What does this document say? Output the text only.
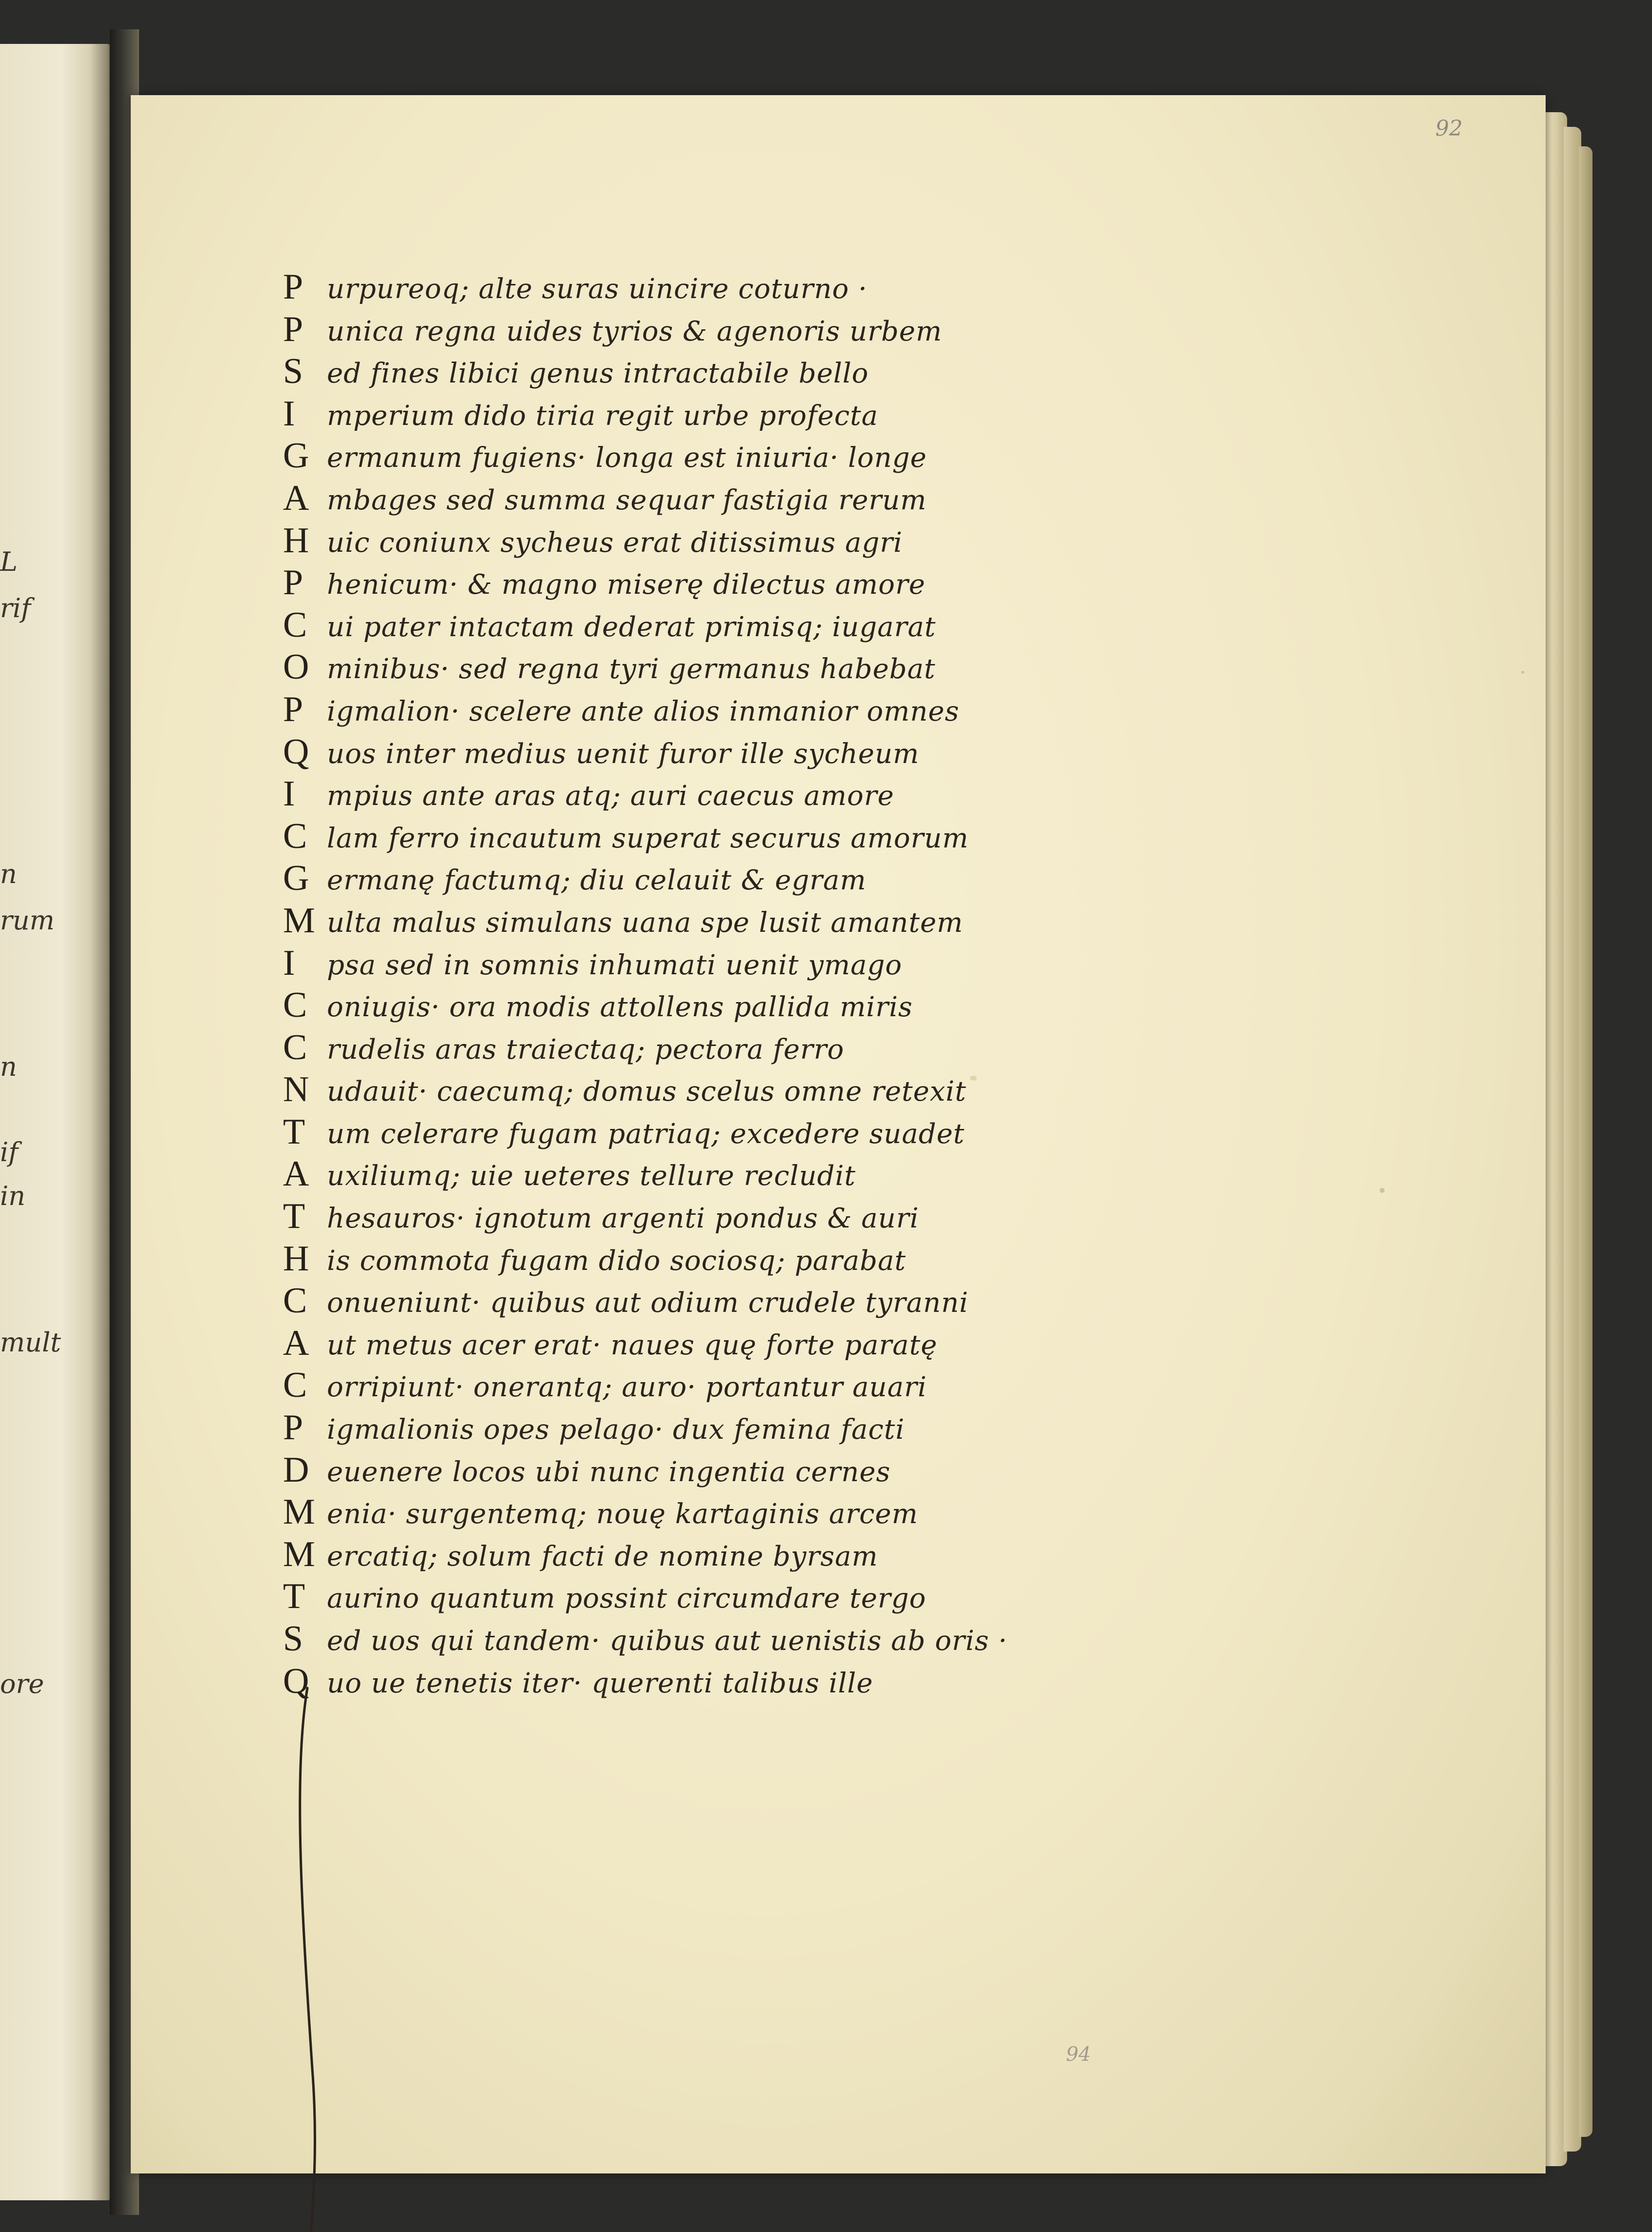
L
rif
n
rum
n
if
in
mult
ore
92
94
P urpureoq; alte suras uincire coturno ·
P unica regna uides tyrios & agenoris urbem
S ed fines libici genus intractabile bello
I	mperium dido tiria regit urbe profecta
G ermanum fugiens· longa est iniuria· longe
A mbages sed summa sequar fastigia rerum
H uic coniunx sycheus erat ditissimus agri
P henicum· & magno miserę dilectus amore
C ui pater intactam dederat primisq; iugarat
O minibus· sed regna tyri germanus habebat
P igmalion· scelere ante alios inmanior omnes
Q uos inter medius uenit furor ille sycheum
I	mpius ante aras atq; auri caecus amore
C lam ferro incautum superat securus amorum
G ermanę factumq; diu celauit & egram
M ulta malus simulans uana spe lusit amantem
I	psa sed in somnis inhumati uenit ymago
C oniugis· ora modis attollens pallida miris
C rudelis aras traiectaq; pectora ferro
N udauit· caecumq; domus scelus omne retexit
T um celerare fugam patriaq; excedere suadet
A uxiliumq; uie ueteres tellure recludit
T hesauros· ignotum argenti pondus & auri
H is commota fugam dido sociosq; parabat
C onueniunt· quibus aut odium crudele tyranni
A ut metus acer erat· naues quę forte paratę
C orripiunt· onerantq; auro· portantur auari
P igmalionis opes pelago· dux femina facti
D euenere locos ubi nunc ingentia cernes
M enia· surgentemq; nouę kartaginis arcem
M ercatiq; solum facti de nomine byrsam
T aurino quantum possint circumdare tergo
S ed uos qui tandem· quibus aut uenistis ab oris ·
Q uo ue tenetis iter· querenti talibus ille
